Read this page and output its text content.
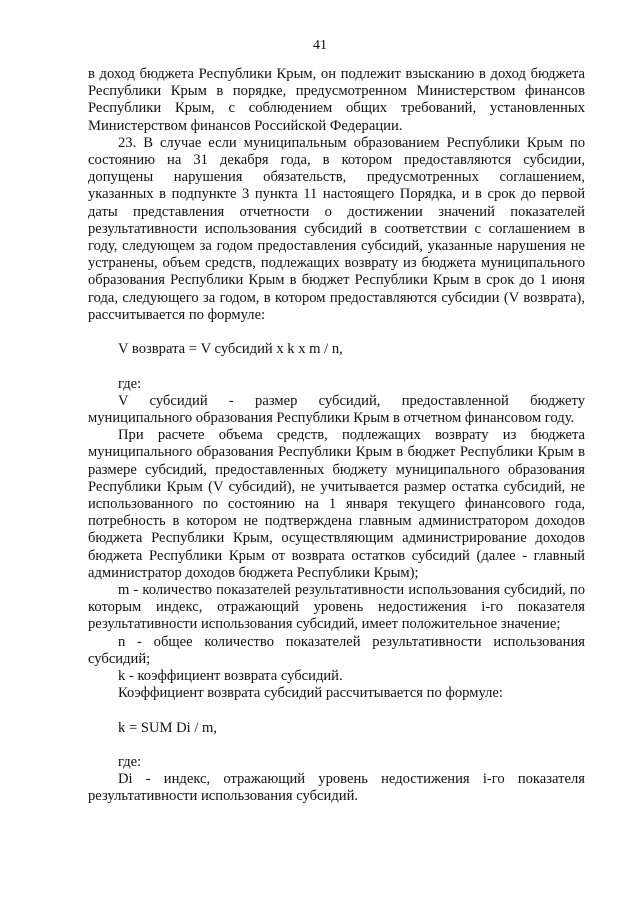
41

в доход бюджета Республики Крым, он подлежит взысканию в доход бюджета Республики Крым в порядке, предусмотренном Министерством финансов Республики Крым, с соблюдением общих требований, установленных Министерством финансов Российской Федерации.

23. В случае если муниципальным образованием Республики Крым по состоянию на 31 декабря года, в котором предоставляются субсидии, допущены нарушения обязательств, предусмотренных соглашением, указанных в подпункте 3 пункта 11 настоящего Порядка, и в срок до первой даты представления отчетности о достижении значений показателей результативности использования субсидий в соответствии с соглашением в году, следующем за годом предоставления субсидий, указанные нарушения не устранены, объем средств, подлежащих возврату из бюджета муниципального образования Республики Крым в бюджет Республики Крым в срок до 1 июня года, следующего за годом, в котором предоставляются субсидии (V возврата), рассчитывается по формуле:

V возврата = V субсидий x k x m / n,

где:

V субсидий - размер субсидий, предоставленной бюджету муниципального образования Республики Крым в отчетном финансовом году.

При расчете объема средств, подлежащих возврату из бюджета муниципального образования Республики Крым в бюджет Республики Крым в размере субсидий, предоставленных бюджету муниципального образования Республики Крым (V субсидий), не учитывается размер остатка субсидий, не использованного по состоянию на 1 января текущего финансового года, потребность в котором не подтверждена главным администратором доходов бюджета Республики Крым, осуществляющим администрирование доходов бюджета Республики Крым от возврата остатков субсидий (далее - главный администратор доходов бюджета Республики Крым);

m - количество показателей результативности использования субсидий, по которым индекс, отражающий уровень недостижения i-го показателя результативности использования субсидий, имеет положительное значение;

n - общее количество показателей результативности использования субсидий;

k - коэффициент возврата субсидий.

Коэффициент возврата субсидий рассчитывается по формуле:

k = SUM Di / m,

где:

Di - индекс, отражающий уровень недостижения i-го показателя результативности использования субсидий.
